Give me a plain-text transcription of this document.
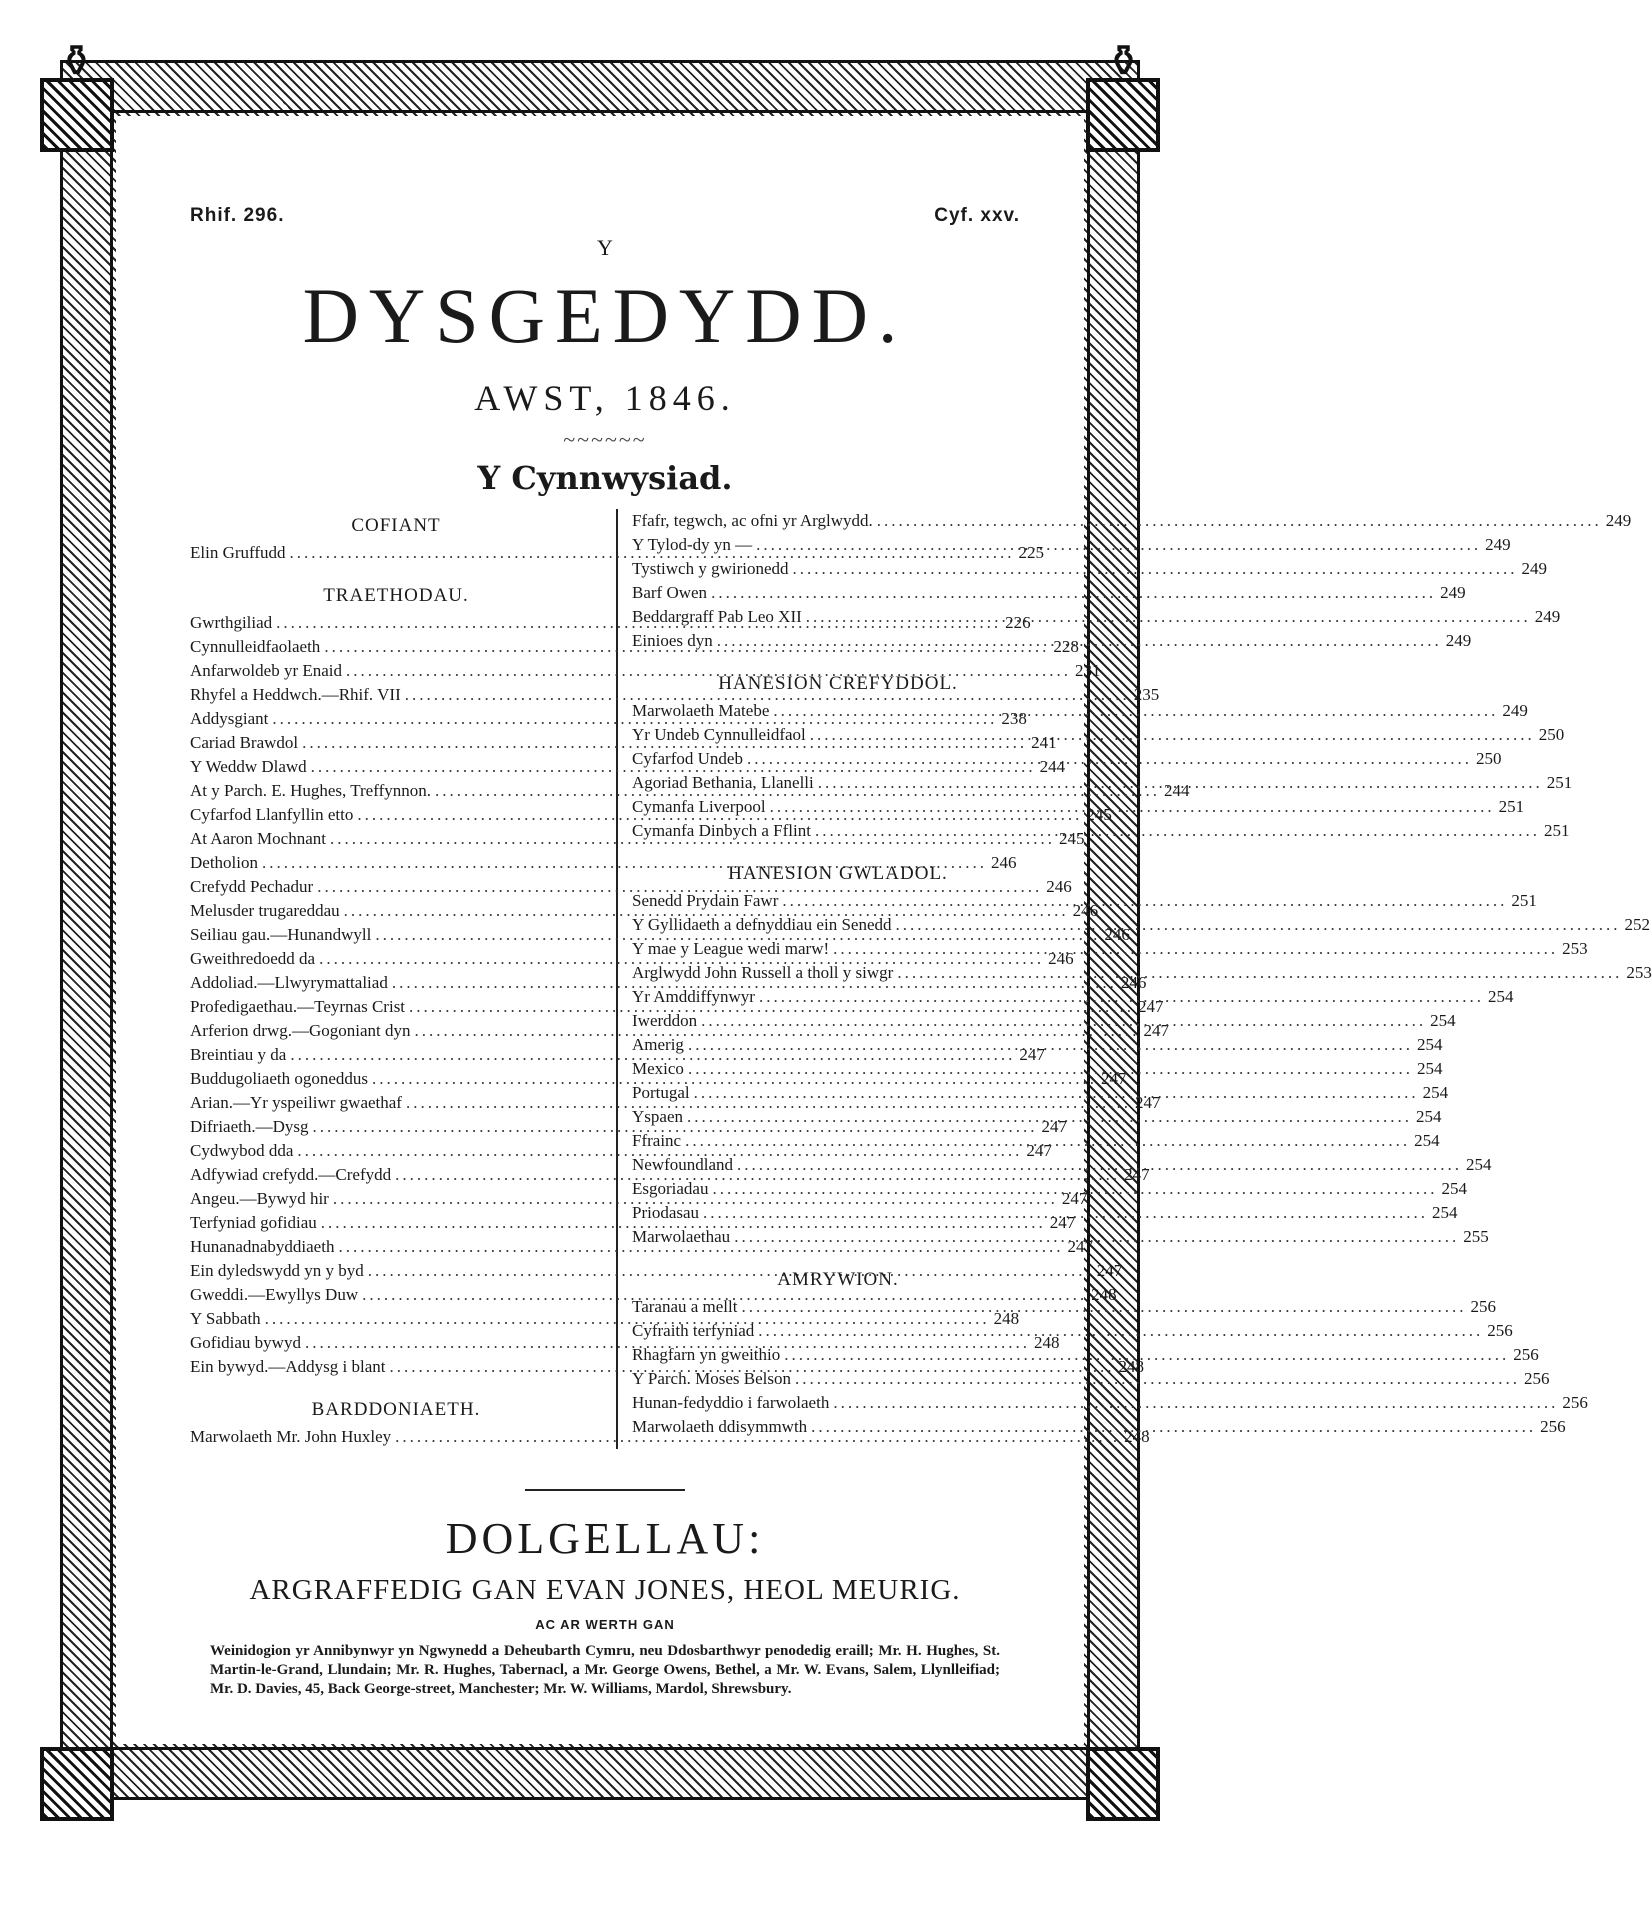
⚱	⚱
Rhif. 296.	Cyf. xxv.
Y
DYSGEDYDD.
AWST, 1846.
~~~~~~
Y Cynnwysiad.
COFIANT
Elin Gruffudd .....	225
TRAETHODAU.
Gwrthgiliad .....	226
Cynnulleidfaolaeth .....	228
Anfarwoldeb yr Enaid .....	231
Rhyfel a Heddwch.—Rhif. VII .....	235
Addysgiant .....	238
Cariad Brawdol .....	241
Y Weddw Dlawd .....	244
At y Parch. E. Hughes, Treffynnon. .....	244
Cyfarfod Llanfyllin etto .....	245
At Aaron Mochnant .....	245
Detholion .....	246
Crefydd Pechadur .....	246
Melusder trugareddau .....	246
Seiliau gau.—Hunandwyll .....	246
Gweithredoedd da .....	246
Addoliad.—Llwyrymattaliad .....	246
Profedigaethau.—Teyrnas Crist .....	247
Arferion drwg.—Gogoniant dyn .....	247
Breintiau y da .....	247
Buddugoliaeth ogoneddus .....	247
Arian.—Yr yspeiliwr gwaethaf .....	247
Difriaeth.—Dysg .....	247
Cydwybod dda .....	247
Adfywiad crefydd.—Crefydd .....	247
Angeu.—Bywyd hir .....	247
Terfyniad gofidiau .....	247
Hunanadnabyddiaeth .....	247
Ein dyledswydd yn y byd .....	247
Gweddi.—Ewyllys Duw .....	248
Y Sabbath .....	248
Gofidiau bywyd .....	248
Ein bywyd.—Addysg i blant .....	248
BARDDONIAETH.
Marwolaeth Mr. John Huxley .....	248
Ffafr, tegwch, ac ofni yr Arglwydd. .....	249
Y Tylod-dy yn — .....	249
Tystiwch y gwirionedd .....	249
Barf Owen .....	249
Beddargraff Pab Leo XII .....	249
Einioes dyn .....	249
HANESION CREFYDDOL.
Marwolaeth Matebe .....	249
Yr Undeb Cynnulleidfaol .....	250
Cyfarfod Undeb .....	250
Agoriad Bethania, Llanelli .....	251
Cymanfa Liverpool .....	251
Cymanfa Dinbych a Fflint .....	251
HANESION GWLADOL.
Senedd Prydain Fawr .....	251
Y Gyllidaeth a defnyddiau ein Senedd .....	252
Y mae y League wedi marw! .....	253
Arglwydd John Russell a tholl y siwgr .....	253
Yr Amddiffynwyr .....	254
Iwerddon .....	254
Amerig .....	254
Mexico .....	254
Portugal .....	254
Yspaen .....	254
Ffrainc .....	254
Newfoundland .....	254
Esgoriadau .....	254
Priodasau .....	254
Marwolaethau .....	255
AMRYWION.
Taranau a mellt .....	256
Cyfraith terfyniad .....	256
Rhagfarn yn gweithio .....	256
Y Parch. Moses Belson .....	256
Hunan-fedyddio i farwolaeth .....	256
Marwolaeth ddisymmwth .....	256
DOLGELLAU:
ARGRAFFEDIG GAN EVAN JONES, HEOL MEURIG.
AC AR WERTH GAN
Weinidogion yr Annibynwyr yn Ngwynedd a Deheubarth Cymru, neu Ddosbarthwyr penodedig eraill; Mr. H. Hughes, St. Martin-le-Grand, Llundain; Mr. R. Hughes, Tabernacl, a Mr. George Owens, Bethel, a Mr. W. Evans, Salem, Llynlleifiad; Mr. D. Davies, 45, Back George-street, Manchester; Mr. W. Williams, Mardol, Shrewsbury.
